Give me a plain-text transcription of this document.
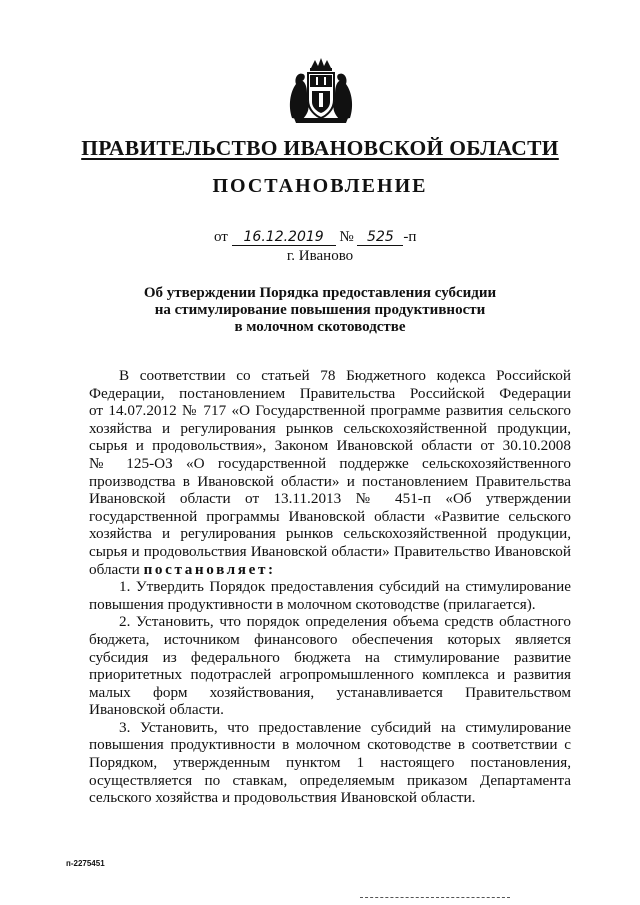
ПРАВИТЕЛЬСТВО ИВАНОВСКОЙ ОБЛАСТИ
ПОСТАНОВЛЕНИЕ
от 16.12.2019 № 525 -п
г. Иваново
Об утверждении Порядка предоставления субсидии
на стимулирование повышения продуктивности
в молочном скотоводстве
В соответствии со статьей 78 Бюджетного кодекса Российской
Федерации, постановлением Правительства Российской Федерации
от 14.07.2012 № 717 «О Государственной программе развития сельского
хозяйства и регулирования рынков сельскохозяйственной продукции,
сырья и продовольствия», Законом Ивановской области от 30.10.2008
№ 125-ОЗ «О государственной поддержке сельскохозяйственного
производства в Ивановской области» и постановлением Правительства
Ивановской области от 13.11.2013 № 451-п «Об утверждении
государственной программы Ивановской области «Развитие сельского
хозяйства и регулирования рынков сельскохозяйственной продукции,
сырья и продовольствия Ивановской области» Правительство Ивановской
области постановляет:
1. Утвердить Порядок предоставления субсидий на стимулирование
повышения продуктивности в молочном скотоводстве (прилагается).
2. Установить, что порядок определения объема средств областного
бюджета, источником финансового обеспечения которых является
субсидия из федерального бюджета на стимулирование развитие
приоритетных подотраслей агропромышленного комплекса и развития
малых форм хозяйствования, устанавливается Правительством
Ивановской области.
3. Установить, что предоставление субсидий на стимулирование
повышения продуктивности в молочном скотоводстве в соответствии с
Порядком, утвержденным пунктом 1 настоящего постановления,
осуществляется по ставкам, определяемым приказом Департамента
сельского хозяйства и продовольствия Ивановской области.
п-2275451
